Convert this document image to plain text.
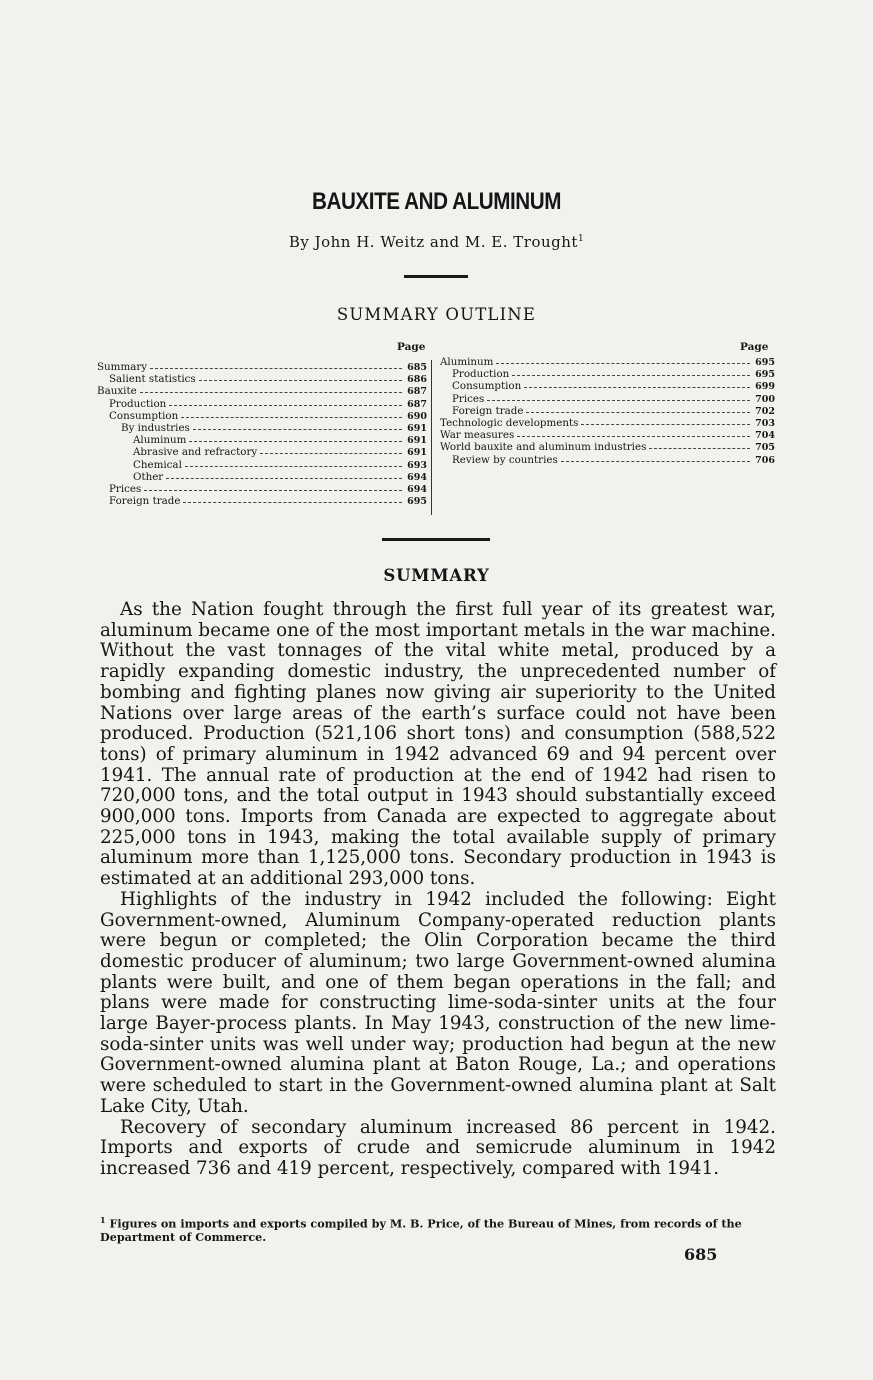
BAUXITE AND ALUMINUM
By John H. Weitz and M. E. Trought$^1$
SUMMARY OUTLINE
Page	Page
Summary	685
Salient statistics	686
Bauxite	687
Production	687
Consumption	690
By industries	691
Aluminum	691
Abrasive and refractory	691
Chemical	693
Other	694
Prices	694
Foreign trade	695
Aluminum	695
Production	695
Consumption	699
Prices	700
Foreign trade	702
Technologic developments	703
War measures	704
World bauxite and aluminum industries	705
Review by countries	706
SUMMARY

As the Nation fought through the first full year of its greatest war, aluminum became one of the most important metals in the war machine. Without the vast tonnages of the vital white metal, produced by a rapidly expanding domestic industry, the unprecedented number of bombing and fighting planes now giving air superiority to the United Nations over large areas of the earth’s surface could not have been produced. Production (521,106 short tons) and consumption (588,522 tons) of primary aluminum in 1942 advanced 69 and 94 percent over 1941. The annual rate of production at the end of 1942 had risen to 720,000 tons, and the total output in 1943 should substantially exceed 900,000 tons. Imports from Canada are expected to aggregate about 225,000 tons in 1943, making the total available supply of primary aluminum more than 1,125,000 tons. Secondary production in 1943 is estimated at an additional 293,000 tons.

Highlights of the industry in 1942 included the following: Eight Government-owned, Aluminum Company-operated reduction plants were begun or completed; the Olin Corporation became the third domestic producer of aluminum; two large Government-owned alumina plants were built, and one of them began operations in the fall; and plans were made for constructing lime-soda-sinter units at the four large Bayer-process plants. In May 1943, construction of the new lime-soda-sinter units was well under way; production had begun at the new Government-owned alumina plant at Baton Rouge, La.; and operations were scheduled to start in the Government-owned alumina plant at Salt Lake City, Utah.

Recovery of secondary aluminum increased 86 percent in 1942. Imports and exports of crude and semicrude aluminum in 1942 increased 736 and 419 percent, respectively, compared with 1941.

$^1$ Figures on imports and exports compiled by M. B. Price, of the Bureau of Mines, from records of the Department of Commerce.
685
